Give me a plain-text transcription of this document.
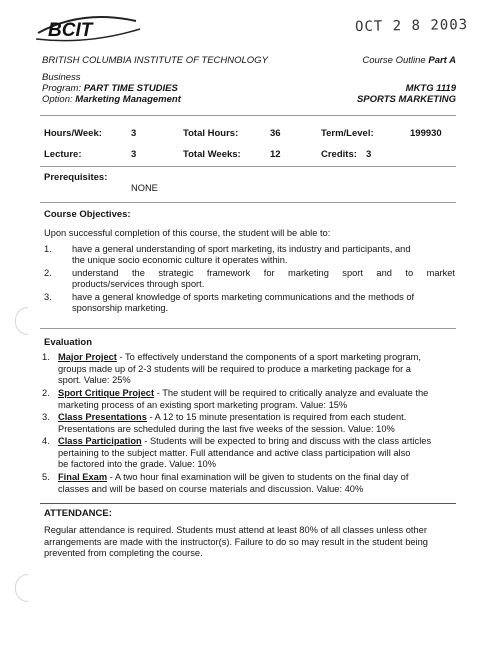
BCIT	OCT 2 8 2003
BRITISH COLUMBIA INSTITUTE OF TECHNOLOGY	Course Outline Part A
Business
Program: PART TIME STUDIES
Option: Marketing Management
MKTG 1119
SPORTS MARKETING
Hours/Week:	3	Total Hours:	36	Term/Level:	199930
Lecture:	3	Total Weeks:	12	Credits: 3
Prerequisites:
NONE
Course Objectives:
Upon successful completion of this course, the student will be able to:
1. have a general understanding of sport marketing, its industry and participants, and
the unique socio economic culture it operates within.
2. understand the strategic framework for marketing sport and to market
products/services through sport.
3. have a general knowledge of sports marketing communications and the methods of
sponsorship marketing.
Evaluation
1. Major Project - To effectively understand the components of a sport marketing program,
groups made up of 2-3 students will be required to produce a marketing package for a
sport. Value: 25%
2. Sport Critique Project - The student will be required to critically analyze and evaluate the
marketing process of an existing sport marketing program. Value: 15%
3. Class Presentations - A 12 to 15 minute presentation is required from each student.
Presentations are scheduled during the last five weeks of the session. Value: 10%
4. Class Participation - Students will be expected to bring and discuss with the class articles
pertaining to the subject matter. Full attendance and active class participation will also
be factored into the grade. Value: 10%
5. Final Exam - A two hour final examination will be given to students on the final day of
classes and will be based on course materials and discussion. Value: 40%
ATTENDANCE:
Regular attendance is required. Students must attend at least 80% of all classes unless other
arrangements are made with the instructor(s). Failure to do so may result in the student being
prevented from completing the course.
